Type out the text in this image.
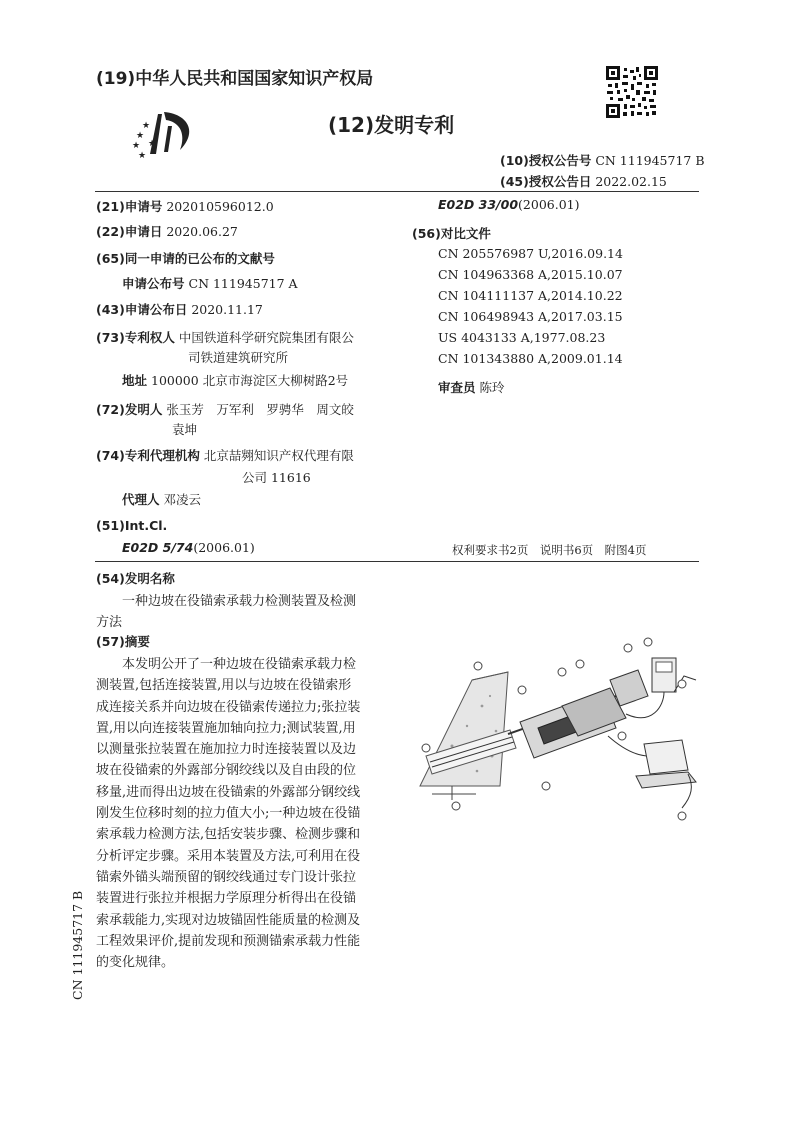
(19)中华人民共和国国家知识产权局
★
★
★
★
★
(12)发明专利
(10)授权公告号 CN 111945717 B
(45)授权公告日 2022.02.15
(21)申请号 202010596012.0
(22)申请日 2020.06.27
(65)同一申请的已公布的文献号
申请公布号 CN 111945717 A
(43)申请公布日 2020.11.17
(73)专利权人 中国铁道科学研究院集团有限公
司铁道建筑研究所
地址 100000 北京市海淀区大柳树路2号
(72)发明人 张玉芳　万军利　罗骋华　周文皎
袁坤
(74)专利代理机构 北京喆翙知识产权代理有限
公司 11616
代理人 邓凌云
(51)Int.Cl.
E02D 5/74(2006.01)
E02D 33/00(2006.01)
(56)对比文件
CN 205576987 U,2016.09.14
CN 104963368 A,2015.10.07
CN 104111137 A,2014.10.22
CN 106498943 A,2017.03.15
US 4043133 A,1977.08.23
CN 101343880 A,2009.01.14
审查员 陈玲
权利要求书2页　说明书6页　附图4页
(54)发明名称
一种边坡在役锚索承载力检测装置及检测
方法
(57)摘要

本发明公开了一种边坡在役锚索承载力检

测装置,包括连接装置,用以与边坡在役锚索形

成连接关系并向边坡在役锚索传递拉力;张拉装

置,用以向连接装置施加轴向拉力;测试装置,用

以测量张拉装置在施加拉力时连接装置以及边

坡在役锚索的外露部分钢绞线以及自由段的位

移量,进而得出边坡在役锚索的外露部分钢绞线

刚发生位移时刻的拉力值大小;一种边坡在役锚

索承载力检测方法,包括安装步骤、检测步骤和

分析评定步骤。采用本装置及方法,可利用在役

锚索外锚头端预留的钢绞线通过专门设计张拉

装置进行张拉并根据力学原理分析得出在役锚

索承载能力,实现对边坡锚固性能质量的检测及

工程效果评价,提前发现和预测锚索承载力性能

的变化规律。

CN 111945717 B
